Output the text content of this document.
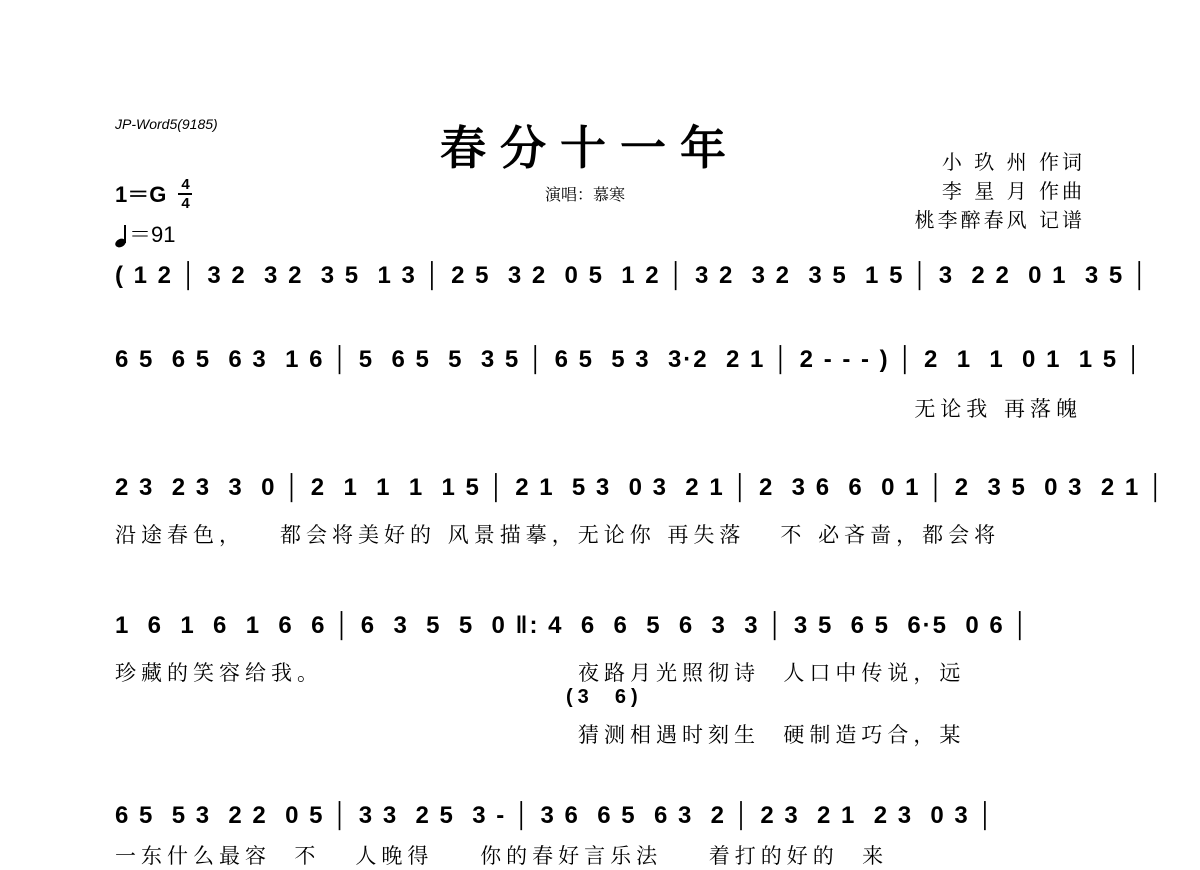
JP-Word5(9185)	春分十一年
演唱：慕寒
小 玖 州 作词
李 星 月 作曲
桃李醉春风 记谱
$1=G \frac{4}{4}$
＝91
( 1 2 │ 3 2  3 2  3 5  1 3 │ 2 5  3 2  0 5  1 2 │ 3 2  3 2  3 5  1 5 │ 3  2 2  0 1  3 5 │
6 5  6 5  6 3  1 6 │ 5  6 5  5  3 5 │ 6 5  5 3  3·2  2 1 │ 2 - - - ) │ 2  1  1  0 1  1 5 │
无论我 再落魄
2 3  2 3  3  0 │ 2  1  1  1  1 5 │ 2 1  5 3  0 3  2 1 │ 2  3 6  6  0 1 │ 2  3 5  0 3  2 1 │
沿途春色，   都会将美好的 风景描摹，无论你 再失落   不 必吝啬，都会将
1  6  1  6  1  6  6 │ 6  3  5  5  0 ‖: 4  6  6  5  6  3  3 │ 3 5  6 5  6·5  0 6 │
珍藏的笑容给我。	夜路月光照彻诗  人口中传说，远
(3  6)
猜测相遇时刻生  硬制造巧合，某
6 5  5 3  2 2  0 5 │ 3 3  2 5  3 - │ 3 6  6 5  6 3  2 │ 2 3  2 1  2 3  0 3 │
一东什么最容  不   人晚得    你的春好言乐法    着打的好的  来
